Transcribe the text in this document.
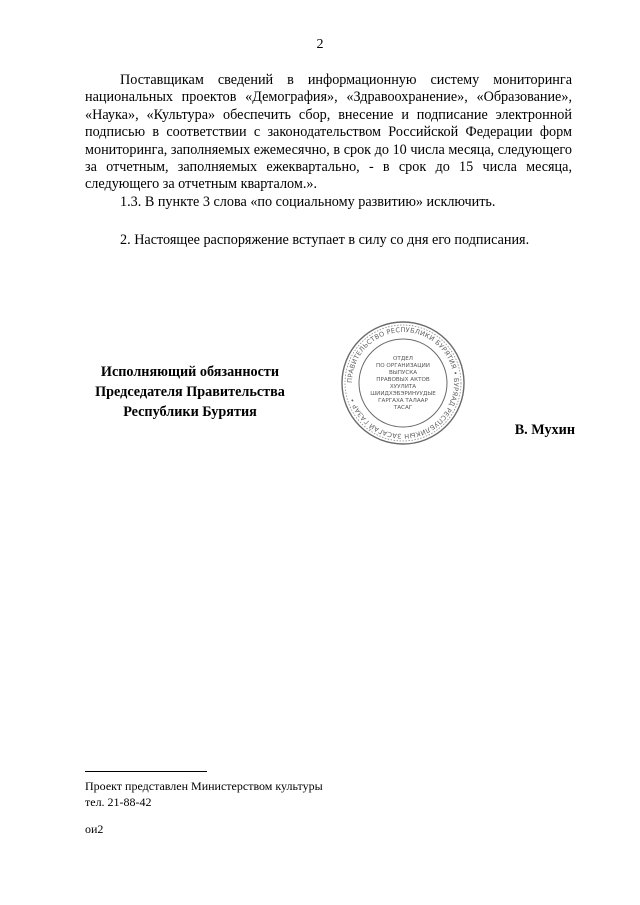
2

Поставщикам сведений в информационную систему мониторинга национальных проектов «Демография», «Здравоохранение», «Образование», «Наука», «Культура» обеспечить сбор, внесение и подписание электронной подписью в соответствии с законодательством Российской Федерации форм мониторинга, заполняемых ежемесячно, в срок до 10 числа месяца, следующего за отчетным, заполняемых ежеквартально, - в срок до 15 числа месяца, следующего за отчетным кварталом.».

1.3. В пункте 3 слова «по социальному развитию» исключить.

2. Настоящее распоряжение вступает в силу со дня его подписания.

Исполняющий обязанности
Председателя Правительства
Республики Бурятия
ПРАВИТЕЛЬСТВО РЕСПУБЛИКИ БУРЯТИЯ • БУРЯАД РЕСПУБЛИКЫН ЗАСАГАЙ ГАЗАР •
ОТДЕЛ
ПО ОРГАНИЗАЦИИ
ВЫПУСКА
ПРАВОВЫХ АКТОВ
ХУУЛИТА
ШИИДХЭБЭРИНУУДЫЕ
ГАРГАХА ТАЛААР
ТАСАГ
В. Мухин
Проект представлен Министерством культуры
тел. 21-88-42
ои2
